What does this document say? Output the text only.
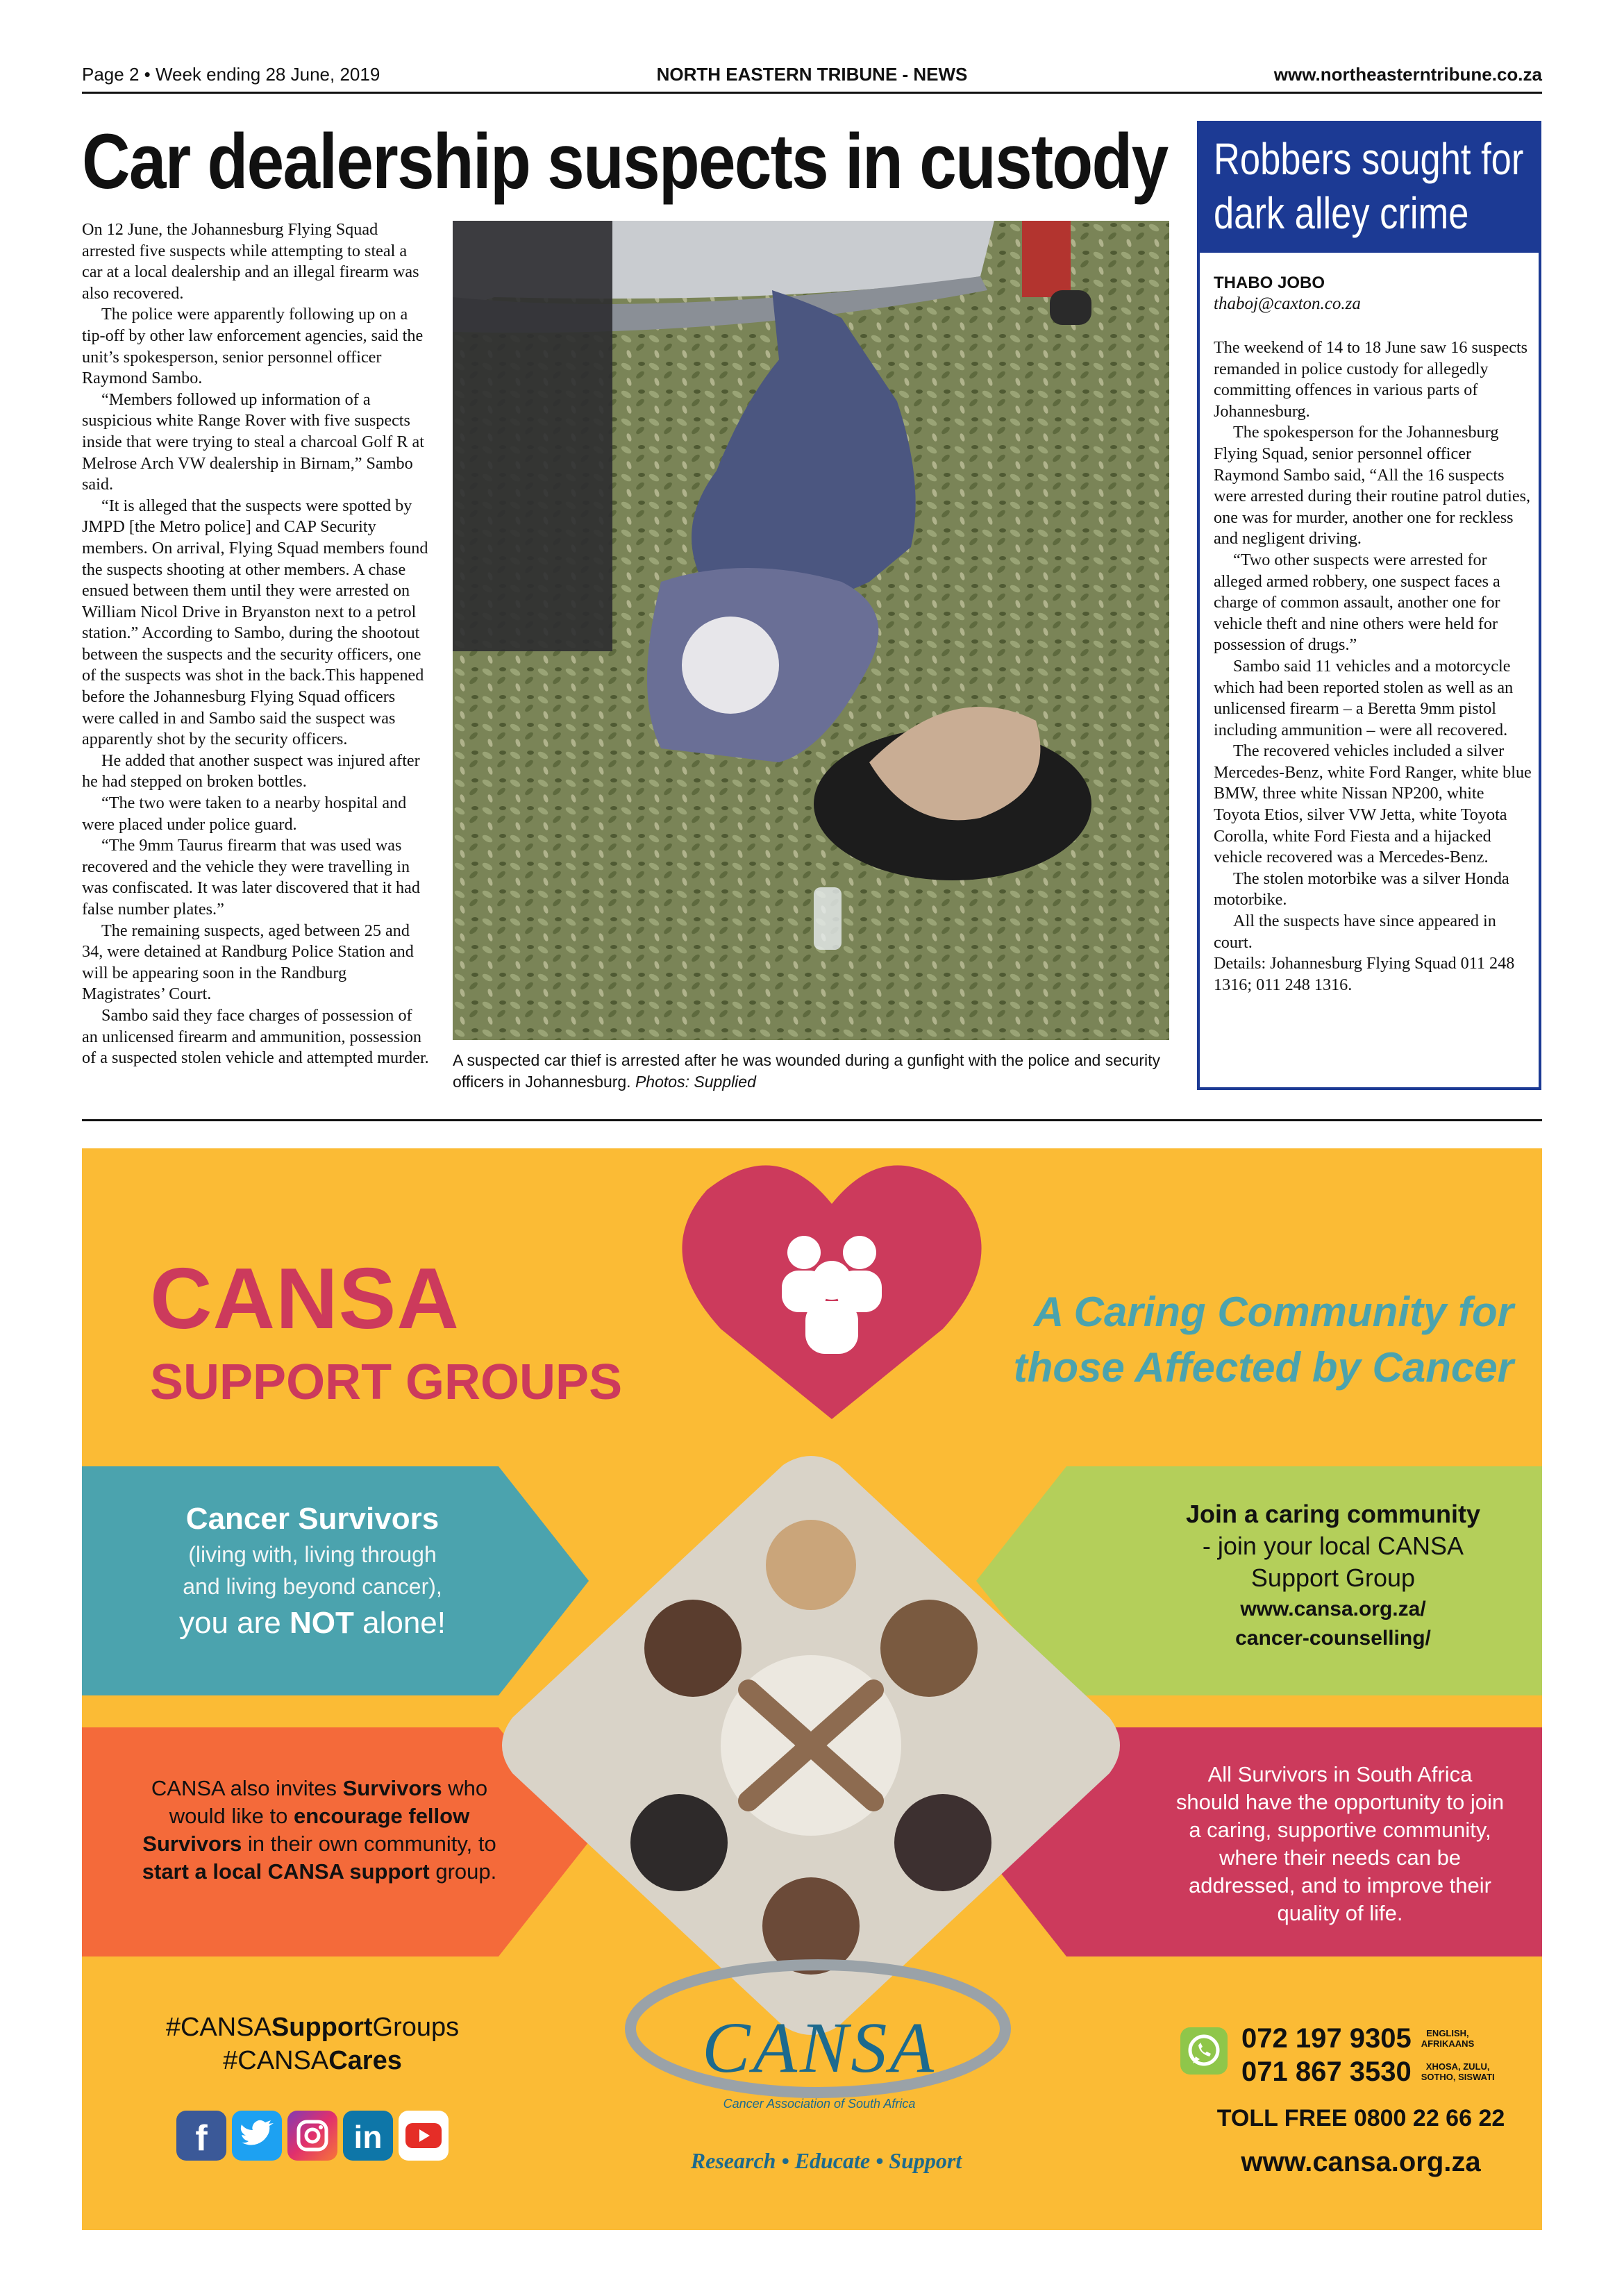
Page 2 • Week ending 28 June, 2019	NORTH EASTERN TRIBUNE - NEWS	www.northeasterntribune.co.za
Car dealership suspects in custody

On 12 June, the Johannesburg Flying Squad arrested five suspects while attempting to steal a car at a local dealership and an illegal firearm was also recovered.

The police were apparently following up on a tip-off by other law enforcement agencies, said the unit’s spokesperson, senior personnel officer Raymond Sambo.

“Members followed up information of a suspicious white Range Rover with five suspects inside that were trying to steal a charcoal Golf R at Melrose Arch VW dealership in Birnam,” Sambo said.

“It is alleged that the suspects were spotted by JMPD [the Metro police] and CAP Security members. On arrival, Flying Squad members found the suspects shooting at other members. A chase ensued between them until they were arrested on William Nicol Drive in Bryanston next to a petrol station.” According to Sambo, during the shootout between the suspects and the security officers, one of the suspects was shot in the back.This happened before the Johannesburg Flying Squad officers were called in and Sambo said the suspect was apparently shot by the security officers.

He added that another suspect was injured after he had stepped on broken bottles.

“The two were taken to a nearby hospital and were placed under police guard.

“The 9mm Taurus firearm that was used was recovered and the vehicle they were travelling in was confiscated. It was later discovered that it had false number plates.”

The remaining suspects, aged between 25 and 34, were detained at Randburg Police Station and will be appearing soon in the Randburg Magistrates’ Court.

Sambo said they face charges of possession of an unlicensed firearm and ammunition, possession of a suspected stolen vehicle and attempted murder. A suspected car thief is arrested after he was wounded during a gunfight with the police and security officers in Johannesburg. Photos: Supplied
Robbers sought for
dark alley crime
THABO JOBO
thaboj@caxton.co.za

The weekend of 14 to 18 June saw 16 suspects remanded in police custody for allegedly committing offences in various parts of Johannesburg.

The spokesperson for the Johannesburg Flying Squad, senior personnel officer Raymond Sambo said, “All the 16 suspects were arrested during their routine patrol duties, one was for murder, another one for reckless and negligent driving.

“Two other suspects were arrested for alleged armed robbery, one suspect faces a charge of common assault, another one for vehicle theft and nine others were held for possession of drugs.”

Sambo said 11 vehicles and a motorcycle which had been reported stolen as well as an unlicensed firearm – a Beretta 9mm pistol including ammunition – were all recovered.

The recovered vehicles included a silver Mercedes-Benz, white Ford Ranger, white blue BMW, three white Nissan NP200, white Toyota Etios, silver VW Jetta, white Toyota Corolla, white Ford Fiesta and a hijacked vehicle recovered was a Mercedes-Benz.

The stolen motorbike was a silver Honda motorbike.

All the suspects have since appeared in court.

Details: Johannesburg Flying Squad 011 248 1316; 011 248 1316.

CANSA
SUPPORT GROUPS
A Caring Community for
those Affected by Cancer
Cancer Survivors
(living with, living through
and living beyond cancer),
you are NOT alone!
Join a caring community
- join your local CANSA
Support Group
www.cansa.org.za/
cancer-counselling/
CANSA also invites Survivors who would like to encourage fellow Survivors in their own community, to start a local CANSA support group.
All Survivors in South Africa should have the opportunity to join a caring, supportive community, where their needs can be addressed, and to improve their quality of life.
#CANSASupportGroups
#CANSACares
f	in
CANSA
Cancer Association of South Africa
Research • Educate • Support
072 197 9305	ENGLISH,
AFRIKAANS
071 867 3530	XHOSA, ZULU,
SOTHO, SISWATI
TOLL FREE 0800 22 66 22
www.cansa.org.za
